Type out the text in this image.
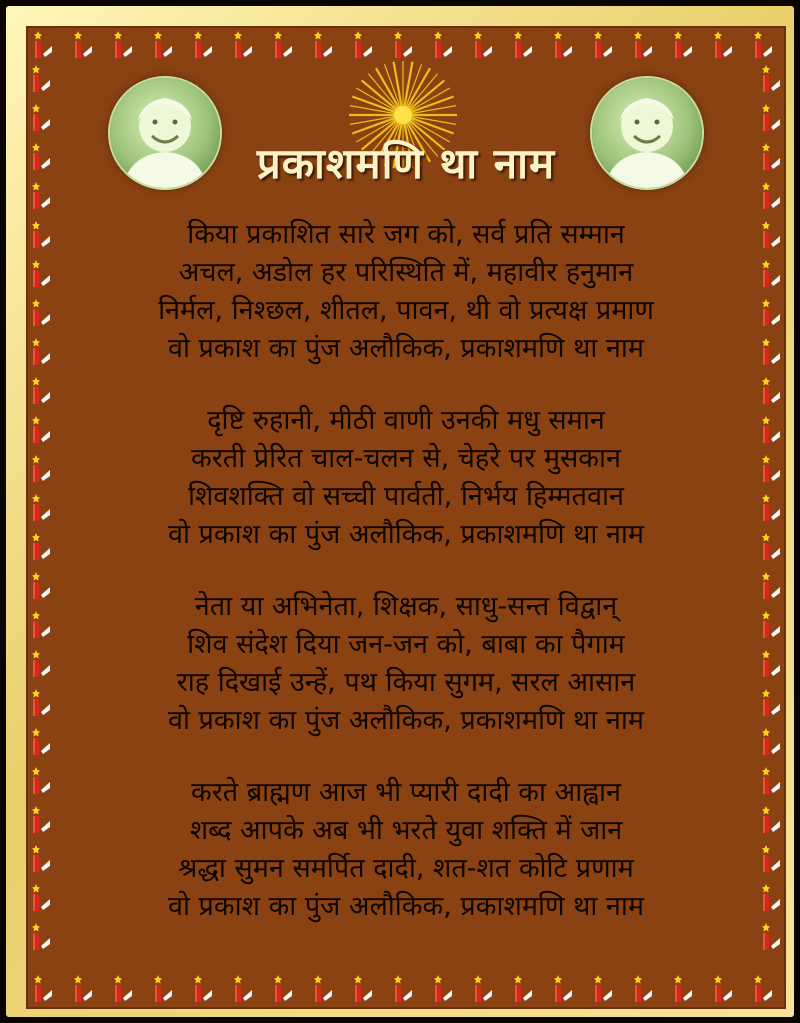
प्रकाशमणि था नाम
किया प्रकाशित सारे जग को, सर्व प्रति सम्मान
अचल, अडोल हर परिस्थिति में, महावीर हनुमान
निर्मल, निश्छल, शीतल, पावन, थी वो प्रत्यक्ष प्रमाण
वो प्रकाश का पुंज अलौकिक, प्रकाशमणि था नाम
दृष्टि रुहानी, मीठी वाणी उनकी मधु समान
करती प्रेरित चाल-चलन से, चेहरे पर मुसकान
शिवशक्ति वो सच्ची पार्वती, निर्भय हिम्मतवान
वो प्रकाश का पुंज अलौकिक, प्रकाशमणि था नाम
नेता या अभिनेता, शिक्षक, साधु-सन्त विद्वान्
शिव संदेश दिया जन-जन को, बाबा का पैगाम
राह दिखाई उन्हें, पथ किया सुगम, सरल आसान
वो प्रकाश का पुंज अलौकिक, प्रकाशमणि था नाम
करते ब्राह्मण आज भी प्यारी दादी का आह्वान
शब्द आपके अब भी भरते युवा शक्ति में जान
श्रद्धा सुमन समर्पित दादी, शत-शत कोटि प्रणाम
वो प्रकाश का पुंज अलौकिक, प्रकाशमणि था नाम
